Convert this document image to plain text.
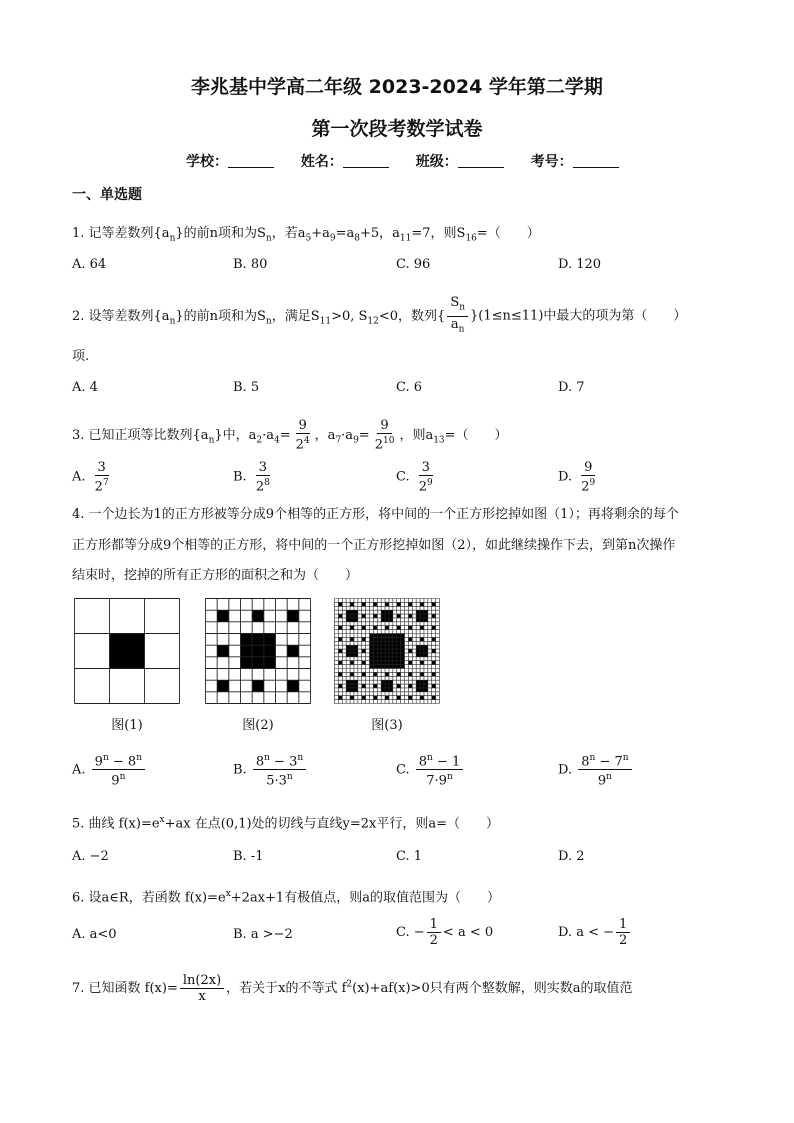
李兆基中学高二年级 2023-2024 学年第二学期
第一次段考数学试卷
学校：	姓名：	班级：	考号：
一、单选题
1. 记等差数列$\{a_n\}$的前n项和为$S_n$，若$a_5+a_9=a_8+5$，$a_{11}=7$，则$S_{16}=$（　　）
A. 64	B. 80	C. 96	D. 120
2. 设等差数列$\{a_n\}$的前n项和为$S_n$，满足$S_{11}>0$, $S_{12}<0$，数列{ $\frac{S_n}{a_n} \}(1\le n\le 11)$中最大的项为第（　　）
项.
A. 4	B. 5	C. 6	D. 7
3. 已知正项等比数列$\{a_n\}$中，$a_2\cdot a_4= \frac{9}{2^4}$ ，$a_7\cdot a_9= \frac{9}{2^{10}}$ ，则$a_{13}=$（　　）
A. $\frac{3}{2^7}$	B. $\frac{3}{2^8}$	C. $\frac{3}{2^9}$	D. $\frac{9}{2^9}$
4. 一个边长为1的正方形被等分成9个相等的正方形，将中间的一个正方形挖掉如图（1）；再将剩余的每个
正方形都等分成9个相等的正方形，将中间的一个正方形挖掉如图（2），如此继续操作下去，到第n次操作
结束时，挖掉的所有正方形的面积之和为（　　）
图(1)	图(2)	图(3)
A. $\frac{9^n - 8^n}{9^n}$	B. $\frac{8^n - 3^n}{5\cdot 3^n}$	C. $\frac{8^n - 1}{7\cdot 9^n}$	D. $\frac{8^n - 7^n}{9^n}$
5. 曲线 $f(x)=e^x+ax$ 在点(0,1)处的切线与直线y=2x平行，则a=（　　）
A. −2	B. -1	C. 1	D. 2
6. 设a∈R，若函数 $f(x)=e^x+2ax+1$有极值点，则a的取值范围为（　　）
A. a<0	B. a >−2	C. − $\frac{1}{2} < a < 0$	D. a < − $\frac{1}{2}$
7. 已知函数 $f(x)= \frac{\ln(2x)}{x}$ ，若关于x的不等式 $f^2(x)+af(x)>0$只有两个整数解，则实数a的取值范
